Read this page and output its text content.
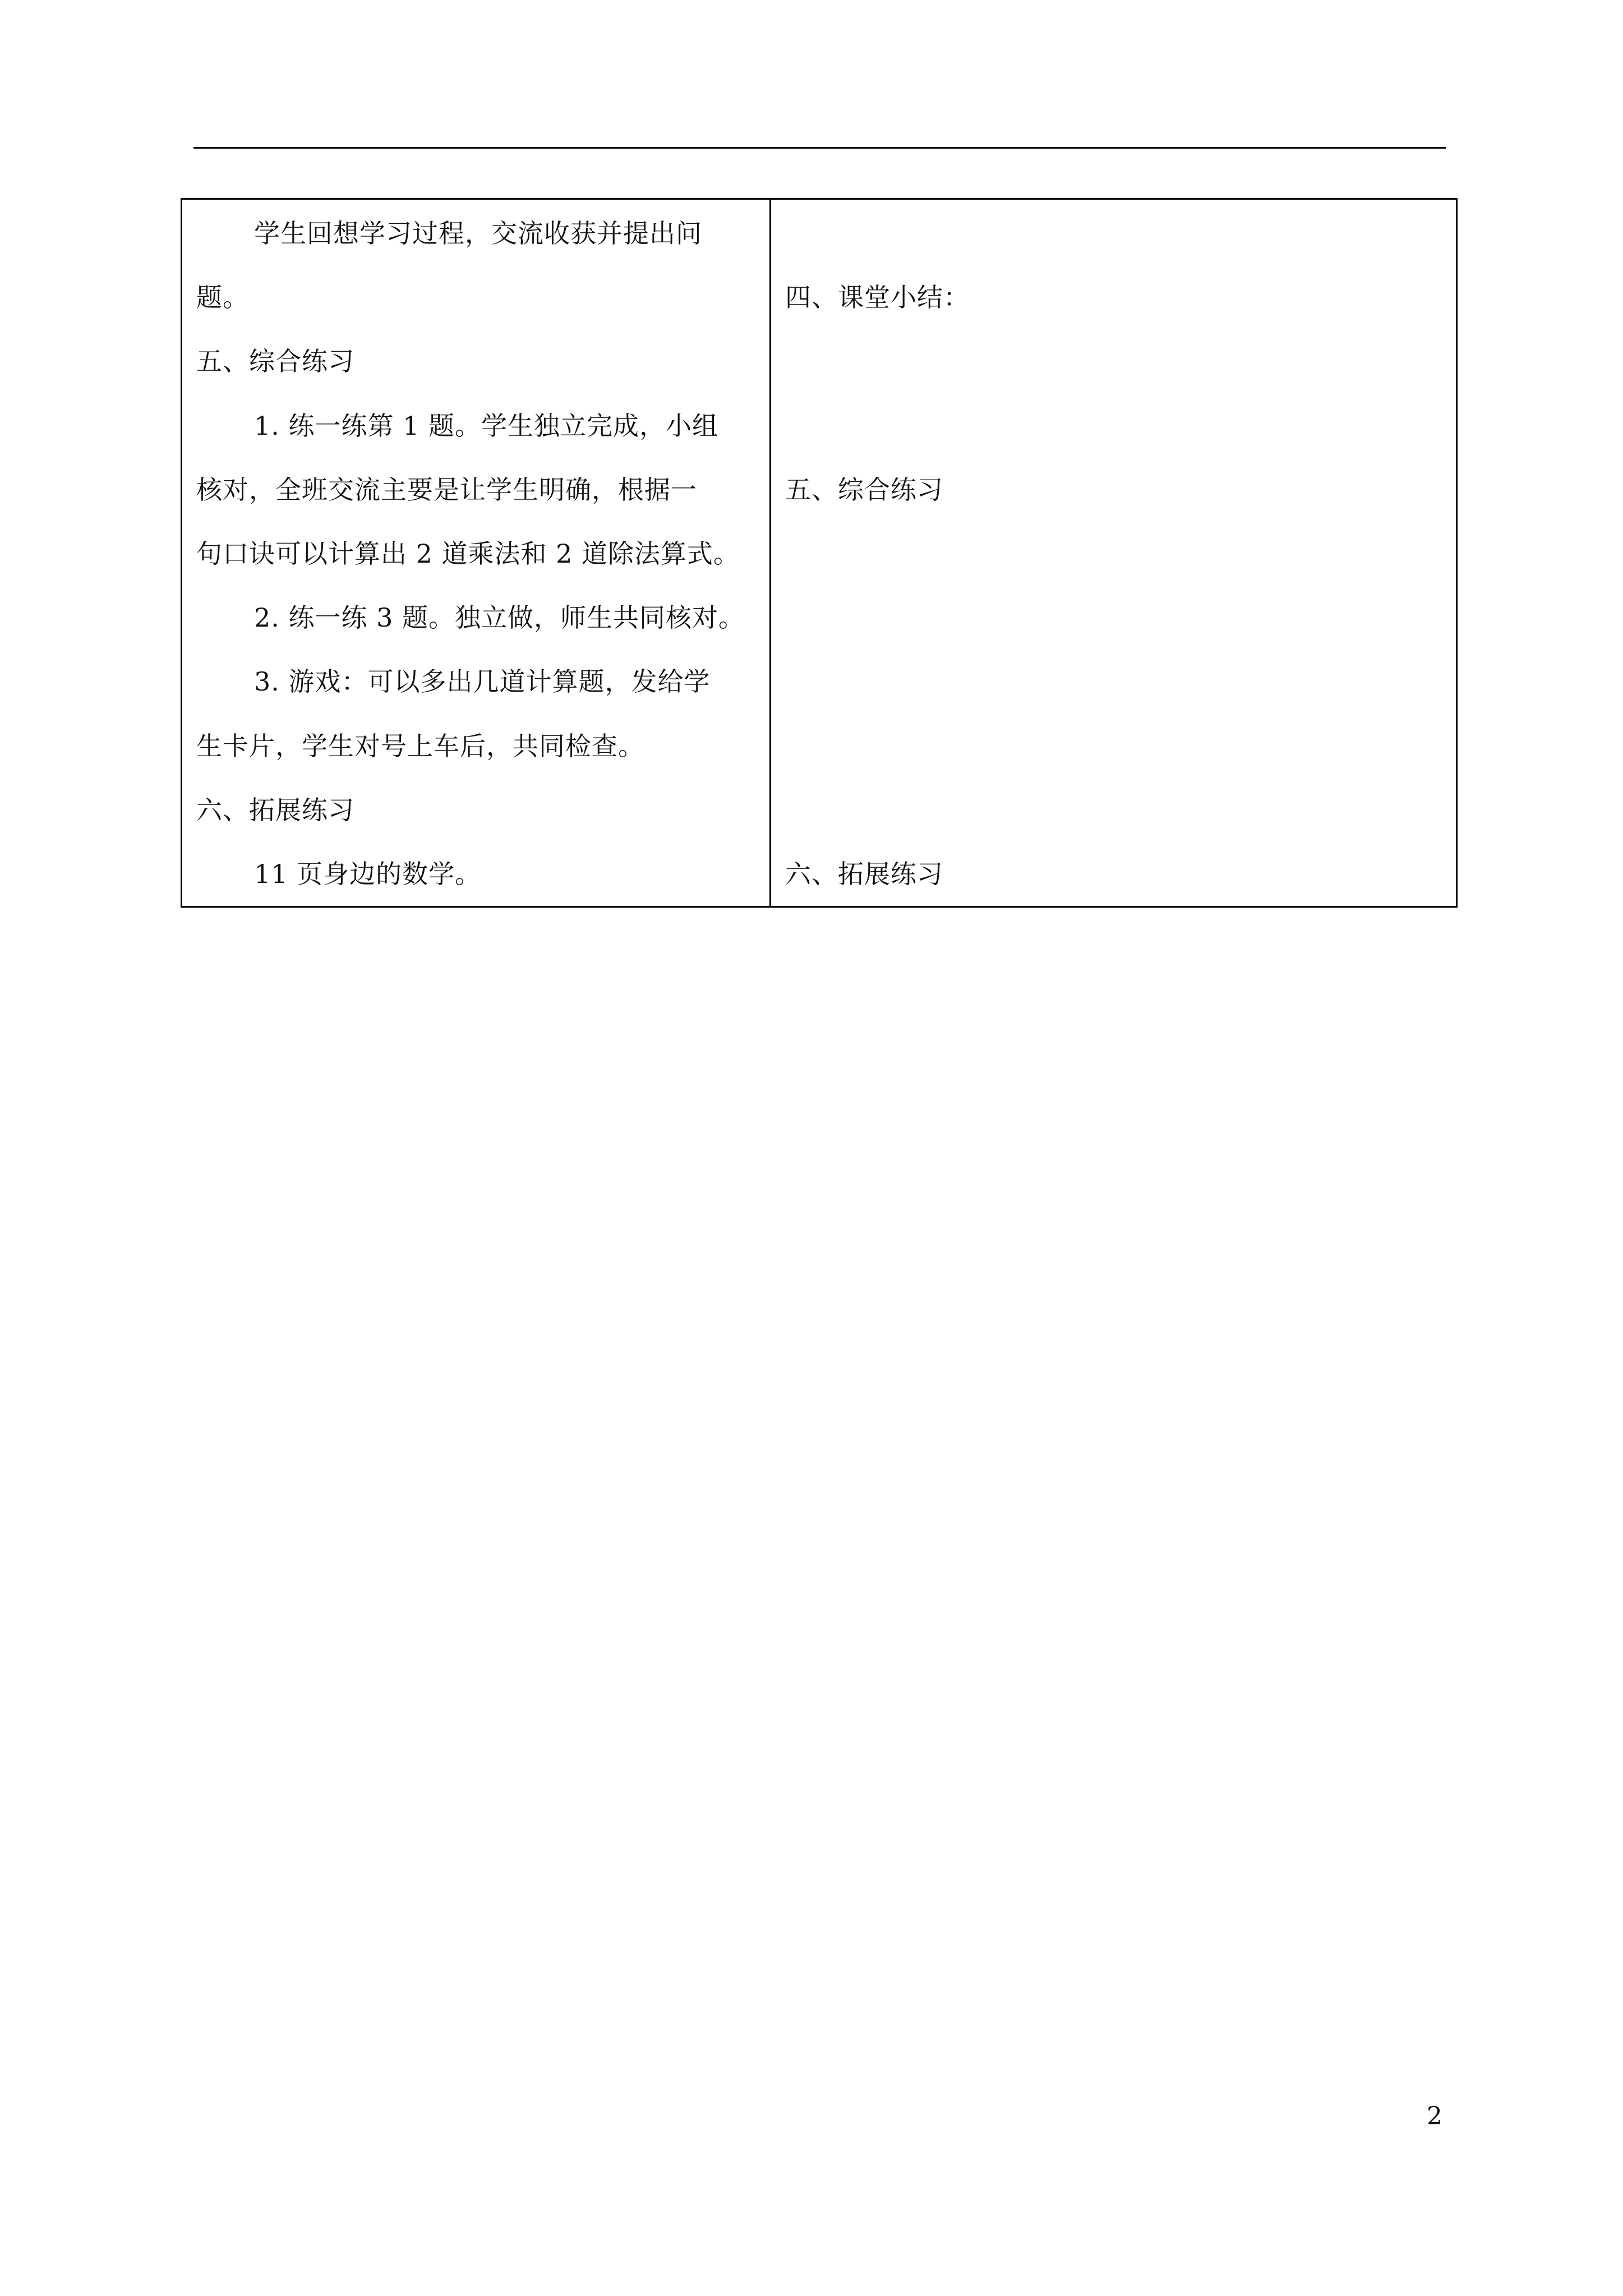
学生回想学习过程，交流收获并提出问
题。
五、综合练习
1. 练一练第 1 题。学生独立完成，小组
核对，全班交流主要是让学生明确，根据一
句口诀可以计算出 2 道乘法和 2 道除法算式。
2. 练一练 3 题。独立做，师生共同核对。
3. 游戏：可以多出几道计算题，发给学
生卡片，学生对号上车后，共同检查。
六、拓展练习
11 页身边的数学。
四、课堂小结：
五、综合练习
六、拓展练习
2
